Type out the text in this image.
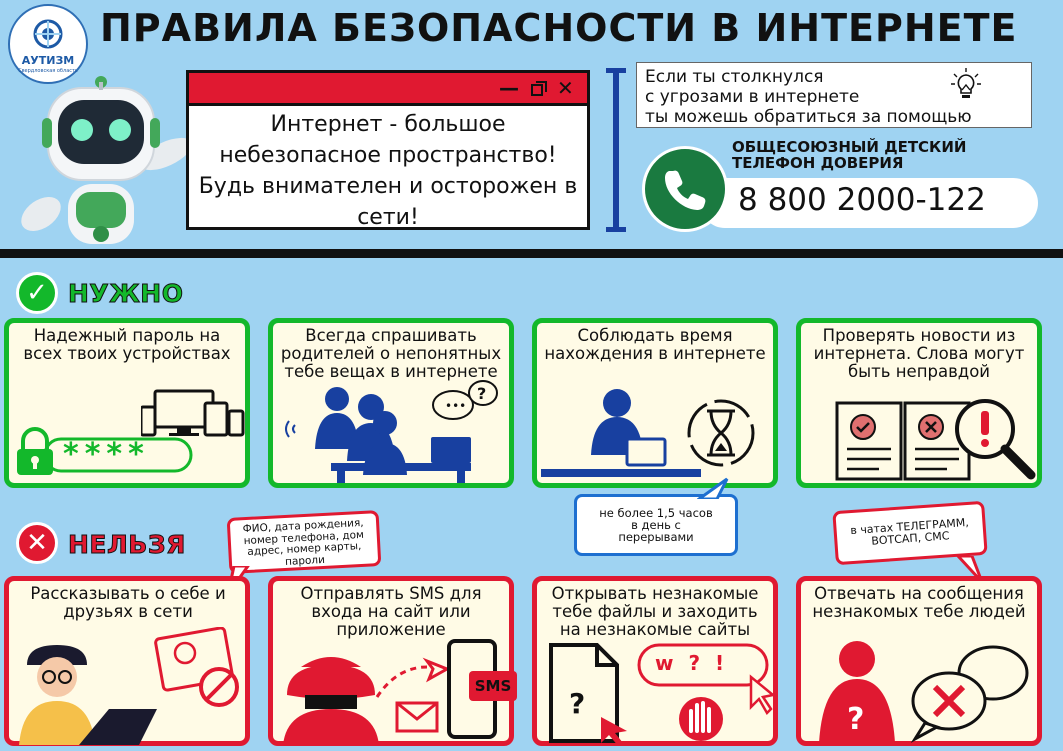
АУТИЗМ
Свердловская область
ПРАВИЛА БЕЗОПАСНОСТИ В ИНТЕРНЕТЕ
— ✕
Интернет - большое небезопасное пространство! Будь внимателен и осторожен в сети!
Если ты столкнулся
с угрозами в интернете
ты можешь обратиться за помощью
ОБЩЕСОЮЗНЫЙ ДЕТСКИЙ
ТЕЛЕФОН ДОВЕРИЯ
8 800 2000-122
✓ НУЖНО
Надежный пароль на всех твоих устройствах
****
Всегда спрашивать родителей о непонятных тебе вещах в интернете
•••
?
Соблюдать время нахождения в интернете
Проверять новости из интернета. Слова могут быть неправдой
не более 1,5 часов в день с перерывами
✕ НЕЛЬЗЯ
ФИО, дата рождения, номер телефона, дом адрес, номер карты, пароли
в чатах ТЕЛЕГРАММ, ВОТСАП, СМС
Рассказывать о себе и друзьях в сети
Отправлять SMS для входа на сайт или приложение
SMS
Открывать незнакомые тебе файлы и заходить на незнакомые сайты
?
w ? !
Отвечать на сообщения незнакомых тебе людей
?
